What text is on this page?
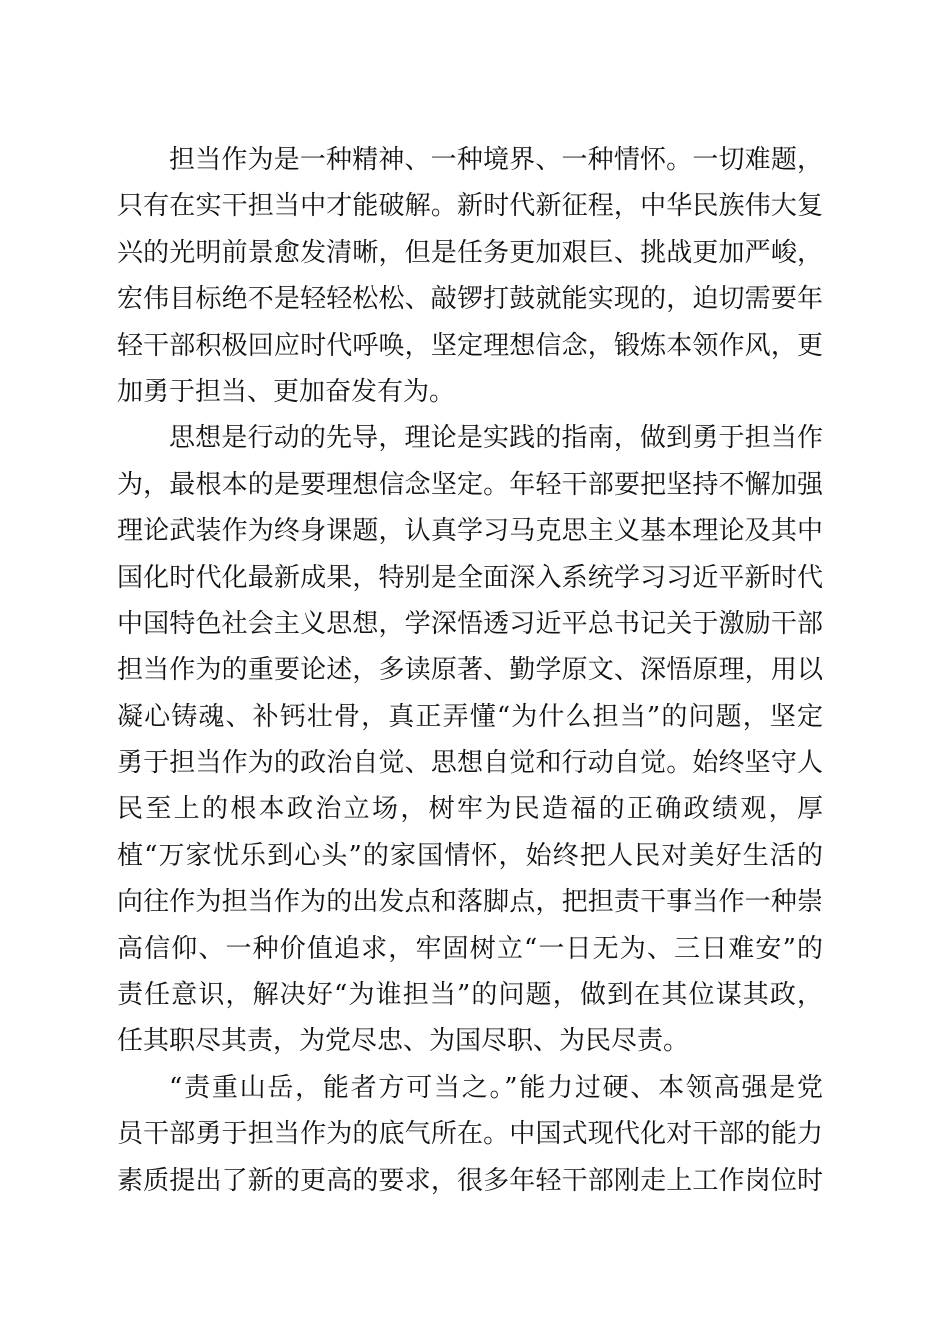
担当作为是一种精神、一种境界、一种情怀。一切难题，
只有在实干担当中才能破解。新时代新征程，中华民族伟大复
兴的光明前景愈发清晰，但是任务更加艰巨、挑战更加严峻，
宏伟目标绝不是轻轻松松、敲锣打鼓就能实现的，迫切需要年
轻干部积极回应时代呼唤，坚定理想信念，锻炼本领作风，更
加勇于担当、更加奋发有为。
思想是行动的先导，理论是实践的指南，做到勇于担当作
为，最根本的是要理想信念坚定。年轻干部要把坚持不懈加强
理论武装作为终身课题，认真学习马克思主义基本理论及其中
国化时代化最新成果，特别是全面深入系统学习习近平新时代
中国特色社会主义思想，学深悟透习近平总书记关于激励干部
担当作为的重要论述，多读原著、勤学原文、深悟原理，用以
凝心铸魂、补钙壮骨，真正弄懂“为什么担当”的问题，坚定
勇于担当作为的政治自觉、思想自觉和行动自觉。始终坚守人
民至上的根本政治立场，树牢为民造福的正确政绩观，厚
植“万家忧乐到心头”的家国情怀，始终把人民对美好生活的
向往作为担当作为的出发点和落脚点，把担责干事当作一种崇
高信仰、一种价值追求，牢固树立“一日无为、三日难安”的
责任意识，解决好“为谁担当”的问题，做到在其位谋其政，
任其职尽其责，为党尽忠、为国尽职、为民尽责。
“责重山岳，能者方可当之。”能力过硬、本领高强是党
员干部勇于担当作为的底气所在。中国式现代化对干部的能力
素质提出了新的更高的要求，很多年轻干部刚走上工作岗位时
